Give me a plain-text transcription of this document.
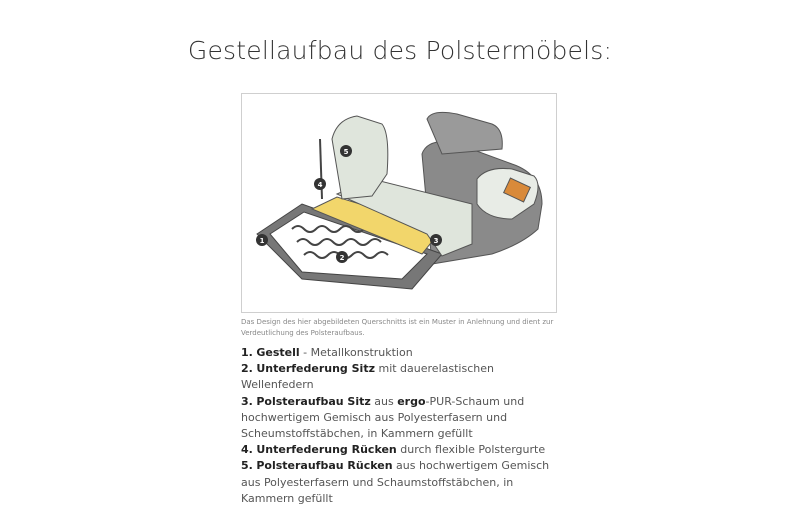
Gestellaufbau des Polstermöbels:
1
2
3
4
5
Das Design des hier abgebildeten Querschnitts ist ein Muster in Anlehnung und dient zur Verdeutlichung des Polsteraufbaus.
1. Gestell - Metallkonstruktion
2. Unterfederung Sitz mit dauerelastischen Wellenfedern
3. Polsteraufbau Sitz aus ergo-PUR-Schaum und hochwertigem Gemisch aus Polyesterfasern und Scheumstoffstäbchen, in Kammern gefüllt
4. Unterfederung Rücken durch flexible Polstergurte
5. Polsteraufbau Rücken aus hochwertigem Gemisch aus Polyesterfasern und Schaumstoffstäbchen, in Kammern gefüllt
